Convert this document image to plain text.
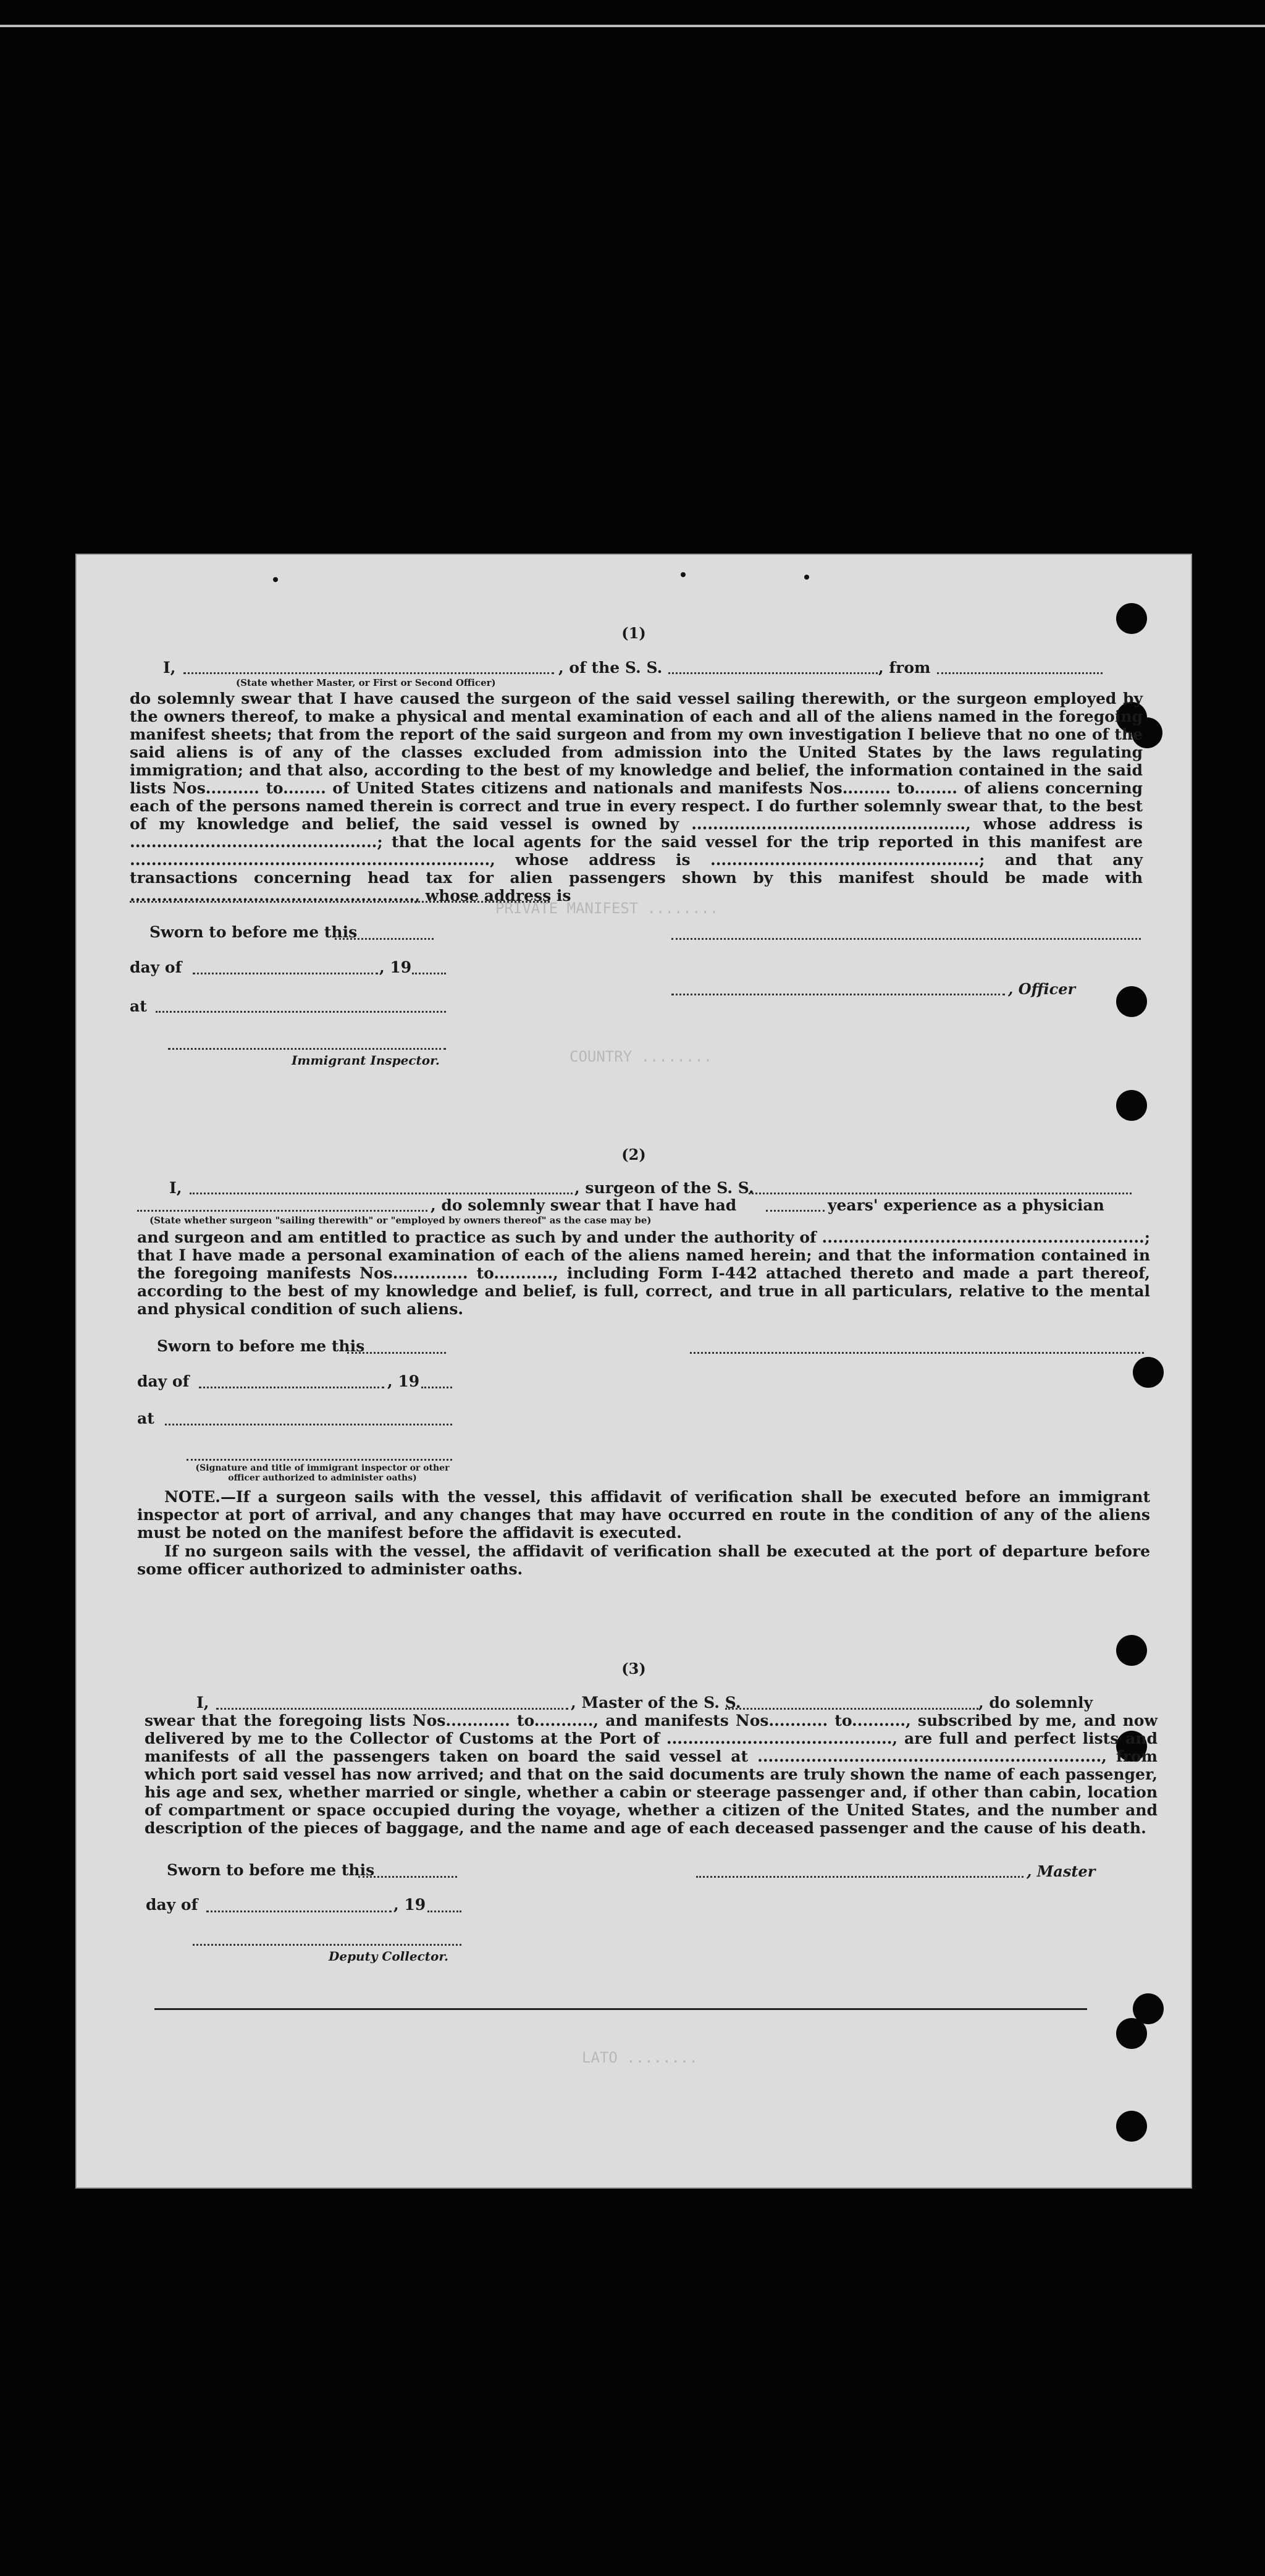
PRIVATE MANIFEST ........
COUNTRY ........
LATO ........
(1)
I,	, of the S. S.	, from
(State whether Master, or First or Second Officer)
do solemnly swear that I have caused the surgeon of the said vessel sailing therewith, or the surgeon employed by the owners thereof, to make a physical and mental examination of each and all of the aliens named in the foregoing manifest sheets; that from the report of the said surgeon and from my own investigation I believe that no one of the said aliens is of any of the classes excluded from admission into the United States by the laws regulating immigration; and that also, according to the best of my knowledge and belief, the information contained in the said lists Nos.......... to........ of United States citizens and nationals and manifests Nos......... to........ of aliens concerning each of the persons named therein is correct and true in every respect. I do further solemnly swear that, to the best of my knowledge and belief, the said vessel is owned by ..................................................., whose address is ..............................................; that the local agents for the said vessel for the trip reported in this manifest are ..................................................................., whose address is ..................................................; and that any transactions concerning head tax for alien passengers shown by this manifest should be made with ....................................................., whose address is
Sworn to before me this
day of	, 19
, Officer
at
Immigrant Inspector.
(2)
I,	, surgeon of the S. S.
, do solemnly swear that I have had	years' experience as a physician
(State whether surgeon "sailing therewith" or "employed by owners thereof" as the case may be)
and surgeon and am entitled to practice as such by and under the authority of ............................................................; that I have made a personal examination of each of the aliens named herein; and that the information contained in the foregoing manifests Nos.............. to..........., including Form I-442 attached thereto and made a part thereof, according to the best of my knowledge and belief, is full, correct, and true in all particulars, relative to the mental and physical condition of such aliens.
Sworn to before me this
day of	, 19
at
(Signature and title of immigrant inspector or other officer authorized to administer oaths)
NOTE.—If a surgeon sails with the vessel, this affidavit of verification shall be executed before an immigrant inspector at port of arrival, and any changes that may have occurred en route in the condition of any of the aliens must be noted on the manifest before the affidavit is executed.
If no surgeon sails with the vessel, the affidavit of verification shall be executed at the port of departure before some officer authorized to administer oaths.
(3)
I,	, Master of the S. S.	, do solemnly
swear that the foregoing lists Nos............ to..........., and manifests Nos........... to.........., subscribed by me, and now delivered by me to the Collector of Customs at the Port of .........................................., are full and perfect lists and manifests of all the passengers taken on board the said vessel at ................................................................, from which port said vessel has now arrived; and that on the said documents are truly shown the name of each passenger, his age and sex, whether married or single, whether a cabin or steerage passenger and, if other than cabin, location of compartment or space occupied during the voyage, whether a citizen of the United States, and the number and description of the pieces of baggage, and the name and age of each deceased passenger and the cause of his death.
Sworn to before me this	, Master
day of	, 19
Deputy Collector.
